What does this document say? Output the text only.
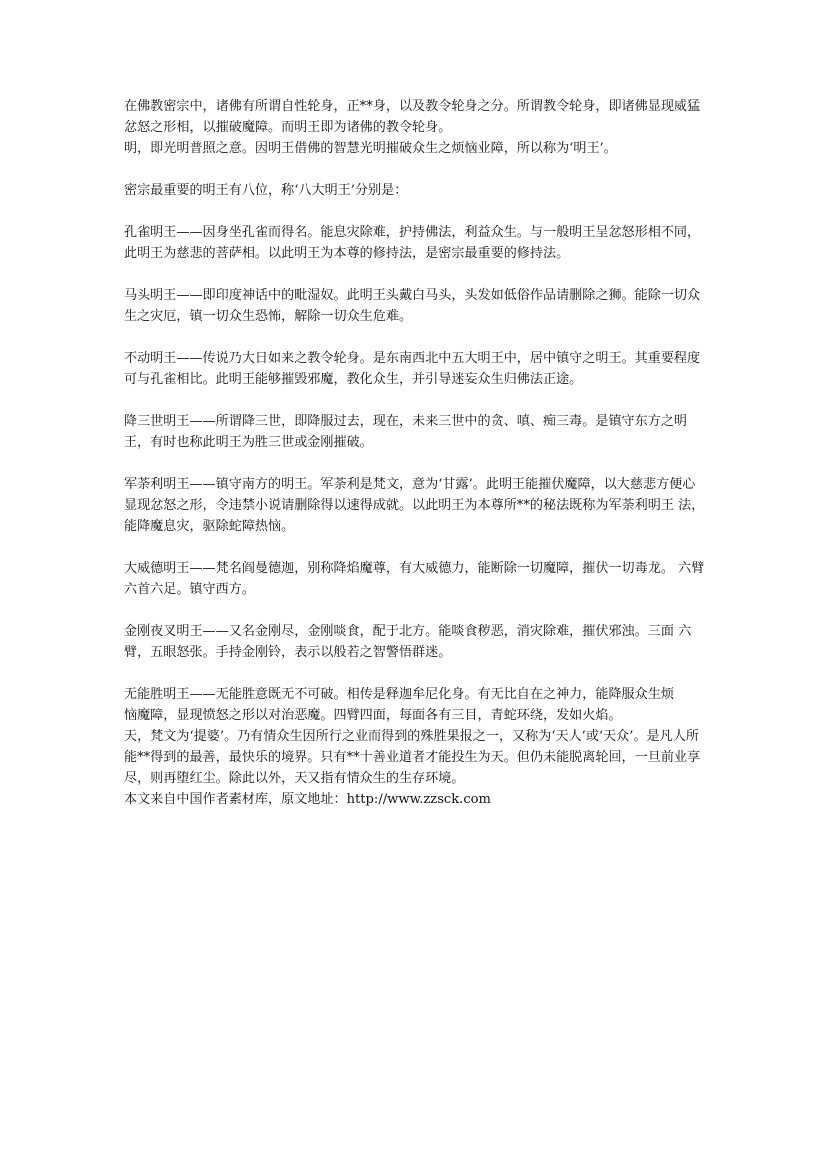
在佛教密宗中，诸佛有所谓自性轮身，正**身，以及教令轮身之分。所谓教令轮身，即诸佛显现威猛忿怒之形相，以摧破魔障。而明王即为诸佛的教令轮身。

明，即光明普照之意。因明王借佛的智慧光明摧破众生之烦恼业障，所以称为‘明王’。

密宗最重要的明王有八位，称‘八大明王’分别是：

孔雀明王——因身坐孔雀而得名。能息灾除难，护持佛法，利益众生。与一般明王呈忿怒形相不同，此明王为慈悲的菩萨相。以此明王为本尊的修持法，是密宗最重要的修持法。

马头明王——即印度神话中的毗湿奴。此明王头戴白马头，头发如低俗作品请删除之狮。能除一切众生之灾厄，镇一切众生恐怖，解除一切众生危难。

不动明王——传说乃大日如来之教令轮身。是东南西北中五大明王中，居中镇守之明王。其重要程度可与孔雀相比。此明王能够摧毁邪魔，教化众生，并引导迷妄众生归佛法正途。

降三世明王——所谓降三世，即降服过去，现在，未来三世中的贪、嗔、痴三毒。是镇守东方之明王，有时也称此明王为胜三世或金刚摧破。

军荼利明王——镇守南方的明王。军荼利是梵文，意为‘甘露’。此明王能摧伏魔障，以大慈悲方便心显现忿怒之形，令违禁小说请删除得以速得成就。以此明王为本尊所**的秘法既称为军荼利明王 法，能降魔息灾，驱除蛇障热恼。

大威德明王——梵名阎曼德迦，别称降焰魔尊，有大威德力，能断除一切魔障，摧伏一切毒龙。 六臂六首六足。镇守西方。

金刚夜叉明王——又名金刚尽，金刚啖食，配于北方。能啖食秽恶，消灾除难，摧伏邪浊。三面 六臂，五眼怒张。手持金刚铃，表示以般若之智警悟群迷。

无能胜明王——无能胜意既无不可破。相传是释迦牟尼化身。有无比自在之神力，能降服众生烦

恼魔障，显现愤怒之形以对治恶魔。四臂四面，每面各有三目，青蛇环绕，发如火焰。

天，梵文为‘提婆’。乃有情众生因所行之业而得到的殊胜果报之一，又称为‘天人’或‘天众’。是凡人所能**得到的最善，最快乐的境界。只有**十善业道者才能投生为天。但仍未能脱离轮回，一旦前业享尽，则再堕红尘。除此以外，天又指有情众生的生存环境。

本文来自中国作者素材库，原文地址：http://www.zzsck.com
